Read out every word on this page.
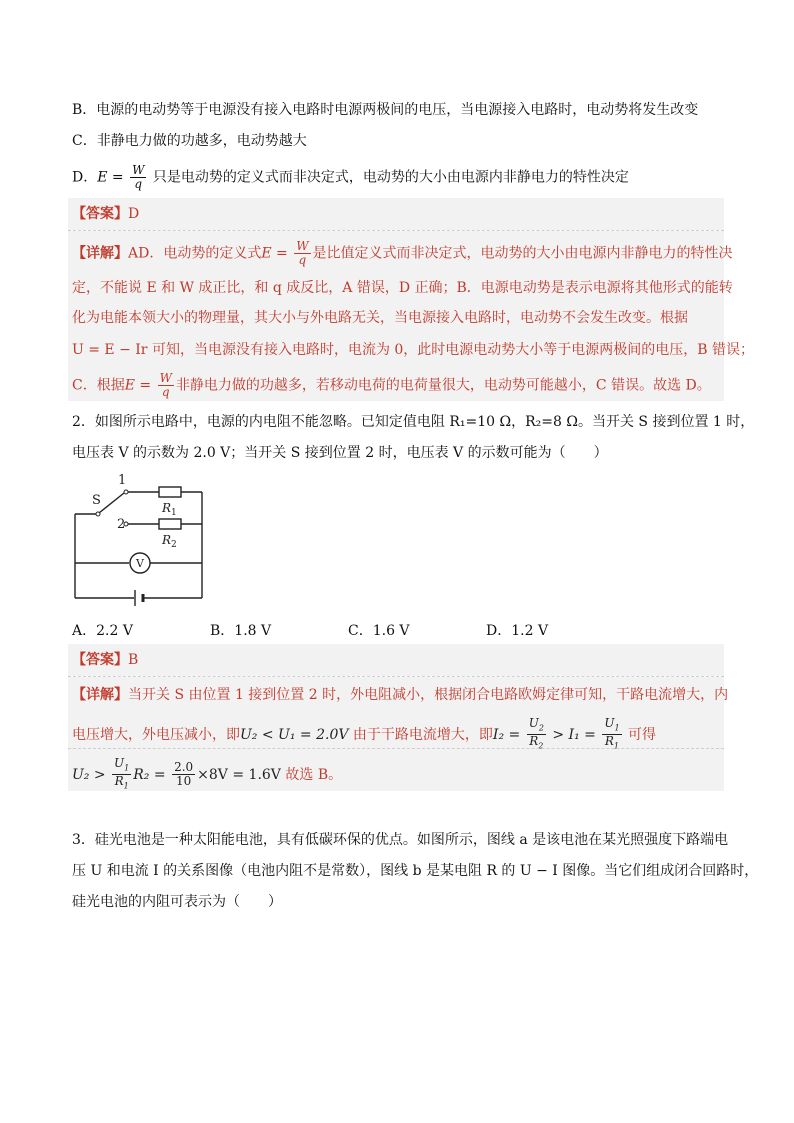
B．电源的电动势等于电源没有接入电路时电源两极间的电压，当电源接入电路时，电动势将发生改变
C．非静电力做的功越多，电动势越大
D．$E = \frac{W}{q}$ 只是电动势的定义式而非决定式，电动势的大小由电源内非静电力的特性决定
【答案】D
【详解】AD．电动势的定义式$E = \frac{W}{q}$ 是比值定义式而非决定式，电动势的大小由电源内非静电力的特性决
定，不能说 E 和 W 成正比，和 q 成反比，A 错误，D 正确；B．电源电动势是表示电源将其他形式的能转
化为电能本领大小的物理量，其大小与外电路无关，当电源接入电路时，电动势不会发生改变。根据
U = E − Ir 可知，当电源没有接入电路时，电流为 0，此时电源电动势大小等于电源两极间的电压，B 错误；
C．根据$E = \frac{W}{q}$ 非静电力做的功越多，若移动电荷的电荷量很大，电动势可能越小，C 错误。故选 D。
2．如图所示电路中，电源的内电阻不能忽略。已知定值电阻 R₁=10 Ω，R₂=8 Ω。当开关 S 接到位置 1 时，
电压表 V 的示数为 2.0 V；当开关 S 接到位置 2 时，电压表 V 的示数可能为（　　）
S
1
2
$R_1$
$R_2$
V
A．2.2 V	B．1.8 V	C．1.6 V	D．1.2 V
【答案】B
【详解】当开关 S 由位置 1 接到位置 2 时，外电阻减小，根据闭合电路欧姆定律可知，干路电流增大，内
电压增大，外电压减小，即U₂ < U₁ = 2.0V 由于干路电流增大，即$I_2 = \frac{U_2}{R_2} > I_1 = \frac{U_1}{R_1}$ 可得
$U_2 > \frac{U_1}{R_1} R_2 = \frac{2.0}{10} \times 8V = 1.6V$ 故选 B。
3．硅光电池是一种太阳能电池，具有低碳环保的优点。如图所示，图线 a 是该电池在某光照强度下路端电
压 U 和电流 I 的关系图像（电池内阻不是常数），图线 b 是某电阻 R 的 U − I 图像。当它们组成闭合回路时，
硅光电池的内阻可表示为（　　）
